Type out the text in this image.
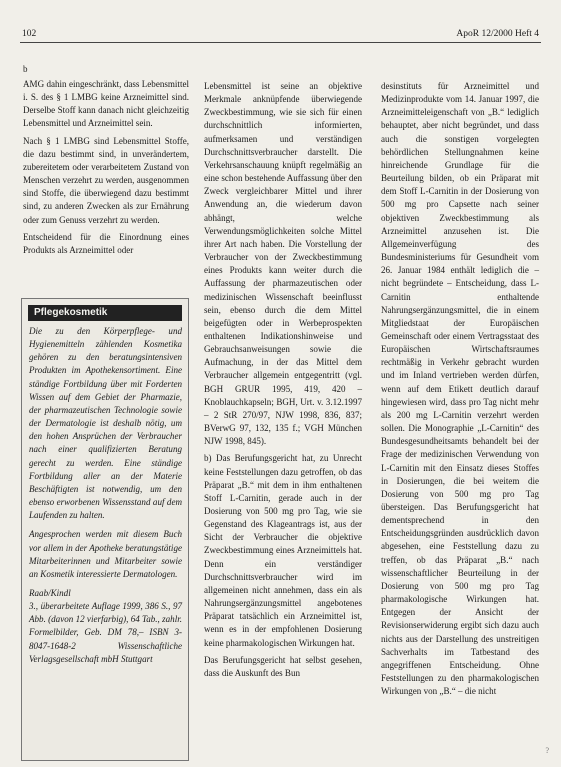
102	ApoR 12/2000 Heft 4
b

AMG dahin eingeschränkt, dass Lebensmittel i. S. des § 1 LMBG keine Arzneimittel sind. Derselbe Stoff kann danach nicht gleichzeitig Lebensmittel und Arzneimittel sein.

Nach § 1 LMBG sind Lebensmittel Stoffe, die dazu bestimmt sind, in unverändertem, zubereitetem oder verarbeitetem Zustand von Menschen verzehrt zu werden, ausgenommen sind Stoffe, die überwiegend dazu bestimmt sind, zu anderen Zwecken als zur Ernährung oder zum Genuss verzehrt zu werden.

Entscheidend für die Einordnung eines Produkts als Arzneimittel oder

Pflegekosmetik

Die zu den Körperpflege- und Hygienemitteln zählenden Kosmetika gehören zu den beratungsintensiven Produkten im Apothekensortiment. Eine ständige Fortbildung über mit Forderten Wissen auf dem Gebiet der Pharmazie, der pharmazeutischen Technologie sowie der Dermatologie ist deshalb nötig, um den hohen Ansprüchen der Verbraucher nach einer qualifizierten Beratung gerecht zu werden. Eine ständige Fortbildung aller an der Materie Beschäftigten ist notwendig, um den ebenso erworbenen Wissensstand auf dem Laufenden zu halten.

Angesprochen werden mit diesem Buch vor allem in der Apotheke beratungstätige Mitarbeiterinnen und Mitarbeiter sowie an Kosmetik interessierte Dermatologen.

Raab/Kindl
3., überarbeitete Auflage 1999, 386 S., 97 Abb. (davon 12 vierfarbig), 64 Tab., zahlr. Formelbilder, Geb. DM 78,– ISBN 3-8047-1648-2 Wissenschaftliche Verlagsgesellschaft mbH Stuttgart

Lebensmittel ist seine an objektive Merkmale anknüpfende überwiegende Zweckbestimmung, wie sie sich für einen durchschnittlich informierten, aufmerksamen und verständigen Durchschnittsverbraucher darstellt. Die Verkehrsanschauung knüpft regelmäßig an eine schon bestehende Auffassung über den Zweck vergleichbarer Mittel und ihrer Anwendung an, die wiederum davon abhängt, welche Verwendungsmöglichkeiten solche Mittel ihrer Art nach haben. Die Vorstellung der Verbraucher von der Zweckbestimmung eines Produkts kann weiter durch die Auffassung der pharmazeutischen oder medizinischen Wissenschaft beeinflusst sein, ebenso durch die dem Mittel beigefügten oder in Werbeprospekten enthaltenen Indikationshinweise und Gebrauchsanweisungen sowie die Aufmachung, in der das Mittel dem Verbraucher allgemein entgegentritt (vgl. BGH GRUR 1995, 419, 420 – Knoblauchkapseln; BGH, Urt. v. 3.12.1997 – 2 StR 270/97, NJW 1998, 836, 837; BVerwG 97, 132, 135 f.; VGH München NJW 1998, 845).

b) Das Berufungsgericht hat, zu Unrecht keine Feststellungen dazu getroffen, ob das Präparat „B.“ mit dem in ihm enthaltenen Stoff L-Carnitin, gerade auch in der Dosierung von 500 mg pro Tag, wie sie Gegenstand des Klageantrags ist, aus der Sicht der Verbraucher die objektive Zweckbestimmung eines Arzneimittels hat. Denn ein verständiger Durchschnittsverbraucher wird im allgemeinen nicht annehmen, dass ein als Nahrungsergänzungsmittel angebotenes Präparat tatsächlich ein Arzneimittel ist, wenn es in der empfohlenen Dosierung keine pharmakologischen Wirkungen hat.

Das Berufungsgericht hat selbst gesehen, dass die Auskunft des Bun

desinstituts für Arzneimittel und Medizinprodukte vom 14. Januar 1997, die Arzneimitteleigenschaft von „B.“ lediglich behauptet, aber nicht begründet, und dass auch die sonstigen vorgelegten behördlichen Stellungnahmen keine hinreichende Grundlage für die Beurteilung bilden, ob ein Präparat mit dem Stoff L-Carnitin in der Dosierung von 500 mg pro Capsette nach seiner objektiven Zweckbestimmung als Arzneimittel anzusehen ist. Die Allgemeinverfügung des Bundesministeriums für Gesundheit vom 26. Januar 1984 enthält lediglich die – nicht begründete – Entscheidung, dass L-Carnitin enthaltende Nahrungsergänzungsmittel, die in einem Mitgliedstaat der Europäischen Gemeinschaft oder einem Vertragsstaat des Europäischen Wirtschaftsraumes rechtmäßig in Verkehr gebracht wurden und im Inland vertrieben werden dürfen, wenn auf dem Etikett deutlich darauf hingewiesen wird, dass pro Tag nicht mehr als 200 mg L-Carnitin verzehrt werden sollen. Die Monographie „L-Carnitin“ des Bundesgesundheitsamts behandelt bei der Frage der medizinischen Verwendung von L-Carnitin mit den Einsatz dieses Stoffes in Dosierungen, die bei weitem die Dosierung von 500 mg pro Tag übersteigen. Das Berufungsgericht hat dementsprechend in den Entscheidungsgründen ausdrücklich davon abgesehen, eine Feststellung dazu zu treffen, ob das Präparat „B.“ nach wissenschaftlicher Beurteilung in der Dosierung von 500 mg pro Tag pharmakologische Wirkungen hat. Entgegen der Ansicht der Revisionserwiderung ergibt sich dazu auch nichts aus der Darstellung des unstreitigen Sachverhalts im Tatbestand des angegriffenen Entscheidung. Ohne Feststellungen zu den pharmakologischen Wirkungen von „B.“ – die nicht

?
